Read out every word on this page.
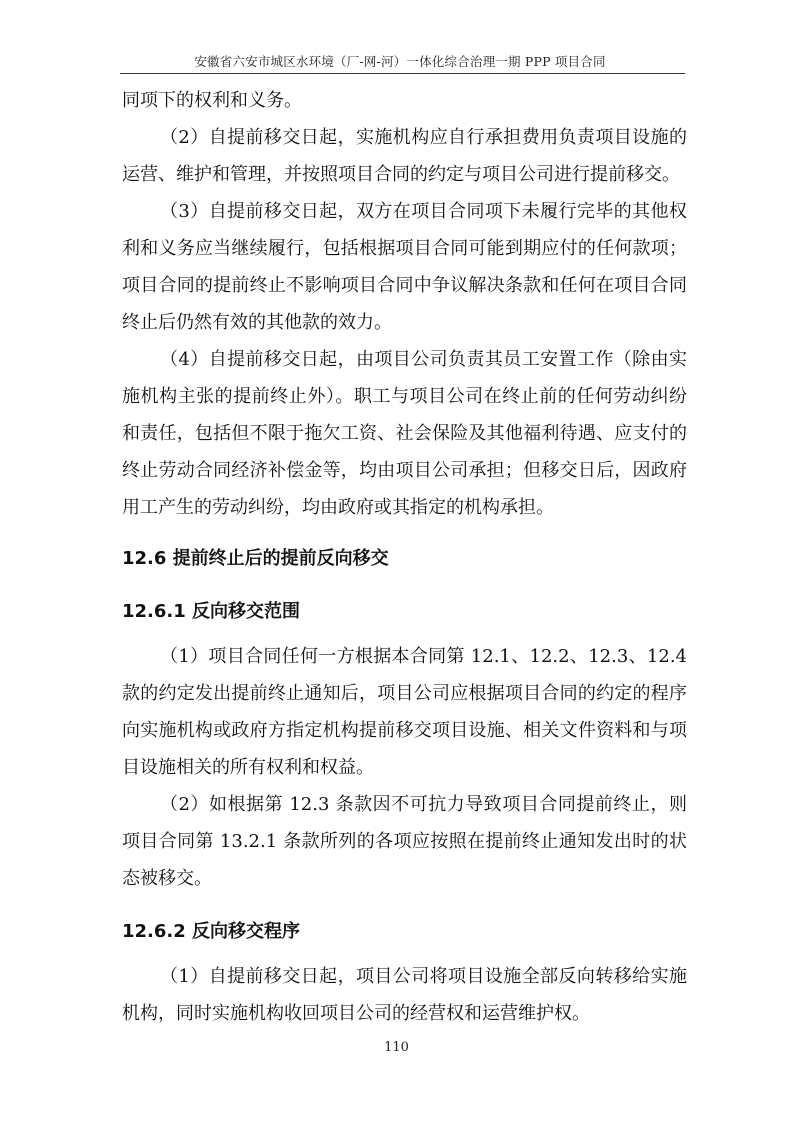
安徽省六安市城区水环境（厂-网-河）一体化综合治理一期 PPP 项目合同

同项下的权利和义务。

（2）自提前移交日起，实施机构应自行承担费用负责项目设施的运营、维护和管理，并按照项目合同的约定与项目公司进行提前移交。

（3）自提前移交日起，双方在项目合同项下未履行完毕的其他权利和义务应当继续履行，包括根据项目合同可能到期应付的任何款项；项目合同的提前终止不影响项目合同中争议解决条款和任何在项目合同终止后仍然有效的其他款的效力。

（4）自提前移交日起，由项目公司负责其员工安置工作（除由实施机构主张的提前终止外）。职工与项目公司在终止前的任何劳动纠纷和责任，包括但不限于拖欠工资、社会保险及其他福利待遇、应支付的终止劳动合同经济补偿金等，均由项目公司承担；但移交日后，因政府用工产生的劳动纠纷，均由政府或其指定的机构承担。

12.6 提前终止后的提前反向移交
12.6.1 反向移交范围

（1）项目合同任何一方根据本合同第 12.1、12.2、12.3、12.4 款的约定发出提前终止通知后，项目公司应根据项目合同的约定的程序向实施机构或政府方指定机构提前移交项目设施、相关文件资料和与项目设施相关的所有权利和权益。

（2）如根据第 12.3 条款因不可抗力导致项目合同提前终止，则项目合同第 13.2.1 条款所列的各项应按照在提前终止通知发出时的状态被移交。

12.6.2 反向移交程序

（1）自提前移交日起，项目公司将项目设施全部反向转移给实施机构，同时实施机构收回项目公司的经营权和运营维护权。

110
